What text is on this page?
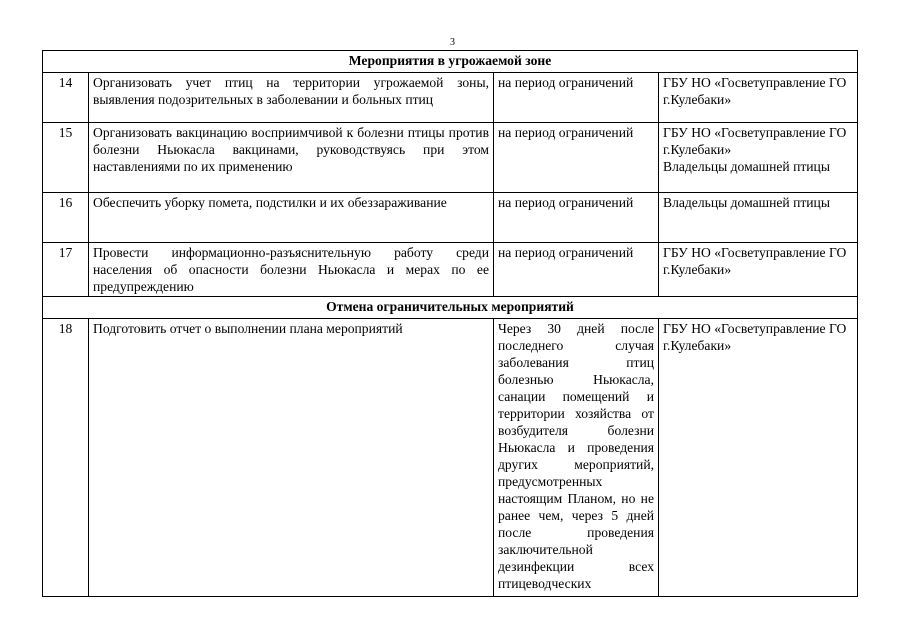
3
Мероприятия в угрожаемой зоне			
14	Организовать учет птиц на территории угрожаемой зоны, выявления подозрительных в заболевании и больных птиц	на период ограничений	ГБУ НО «Госветуправление ГО г.Кулебаки»

15	Организовать вакцинацию восприимчивой к болезни птицы против болезни Ньюкасла вакцинами, руководствуясь при этом наставлениями по их применению	на период ограничений	ГБУ НО «Госветуправление ГО г.Кулебаки»
Владельцы домашней птицы

16	Обеспечить уборку помета, подстилки и их обеззараживание	на период ограничений	Владельцы домашней птицы

17	Провести информационно-разъяснительную работу среди населения об опасности болезни Ньюкасла и мерах по ее предупреждению	на период ограничений	ГБУ НО «Госветуправление ГО г.Кулебаки»

Отмена ограничительных мероприятий			
18	Подготовить отчет о выполнении плана мероприятий	Через 30 дней после последнего случая заболевания птиц болезнью Ньюкасла, санации помещений и территории хозяйства от возбудителя болезни Ньюкасла и проведения других мероприятий, предусмотренных настоящим Планом, но не ранее чем, через 5 дней после проведения заключительной дезинфекции всех птицеводческих	ГБУ НО «Госветуправление ГО г.Кулебаки»
